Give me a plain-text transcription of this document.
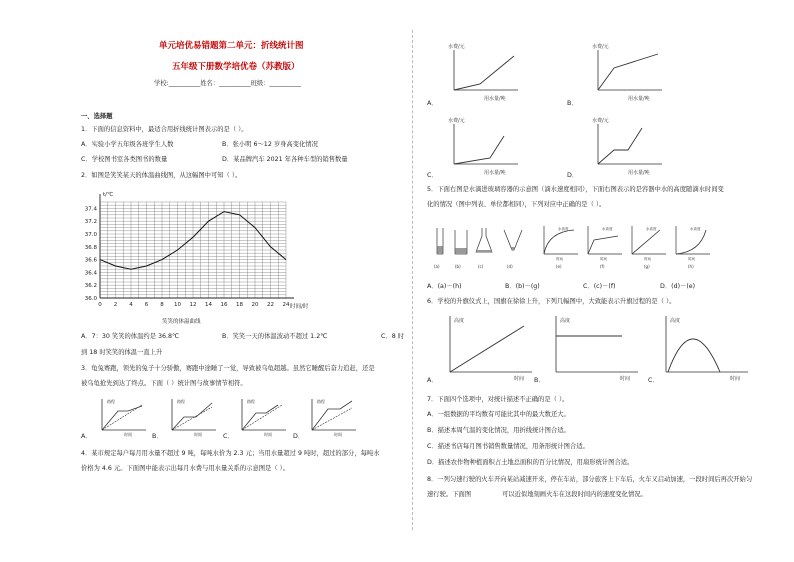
单元培优易错题第二单元：折线统计图
五年级下册数学培优卷（苏教版）
学校:__________姓名：__________班级：__________
一、选择题
1．下面的信息资料中，最适合用折线统计图表示的是（ ）。
A．实验小学五年级各班学生人数	B．张小明 6～12 岁身高变化情况
C．学校图书室各类图书的数量	D．某品牌汽车 2021 年各种车型的销售数量
2．如图是笑笑某天的体温曲线图，从这幅图中可知（ ）。
0 2 4 6 8 10 12 14 16 18 20 22 24
36.0
36.2
36.4
36.6
36.8
37.0
37.2
37.4
t/℃
时间/时
笑笑的体温曲线
A．7：30 笑笑的体温约是 36.8℃	B．笑笑一天的体温波动不超过 1.2℃	C．8 时
到 18 时笑笑的体温一直上升
3．龟兔赛跑，领先的兔子十分骄傲，赛跑中途睡了一觉，导致被乌龟超越。虽然它睡醒后奋力追赶，还是
被乌龟抢先到达了终点。下面（ ）统计图与故事情节相符。
A．
路程
时间	B．
路程
时间	C．
路程
时间	D．
路程
时间
4．某市规定每户每月用水量不超过 9 吨，每吨水价为 2.3 元；当用水量超过 9 吨时，超过的部分，每吨水
价格为 4.6 元。下面图中能表示出每月水费与用水量关系的示意图是（ ）。
水费/元
用水量/吨
A．
水费/元
用水量/吨
B．
水费/元
用水量/吨
C．
水费/元
用水量/吨
D．
5．下面右图是水滴进玻璃容器的示意图（滴水速度相同），下面右图表示的是容器中水的高度随滴水时间变
化的情况（图中列表、单位都相同），下列对应中正确的是（ ）。
(a)	(b)	(c)	(d)
水高度
时间
(e)
水高度
时间
(f)
水高度
时间
(g)
水高度
时间
(h)
A．(a)－(h)	B．(b)－(g)	C．(c)－(f)	D．(d)－(e)
6．学校的升旗仪式上，国旗在徐徐上升，下列几幅图中，大致能表示升旗过程的是（ ）。
高度
时间
A．
高度
时间
B．
高度
时间
C．
7．下面四个选项中，对统计描述不正确的是（ ）。
A．一组数据的平均数有可能比其中的最大数还大。
B．描述本周气温的变化情况，用折线统计图合适。
C．描述书店每月图书销售数量情况，用条形统计图合适。
D．描述农作物种植面积占土地总面积的百分比情况，用扇形统计图合适。
8．一列匀速行驶的火车开向某站减速开来，停在车站，部分旅客上下车后，火车又启动加速，一段时间后再次开始匀
速行驶。下面图	可以近似地刻画火车在这段时间内的速度变化情况。
